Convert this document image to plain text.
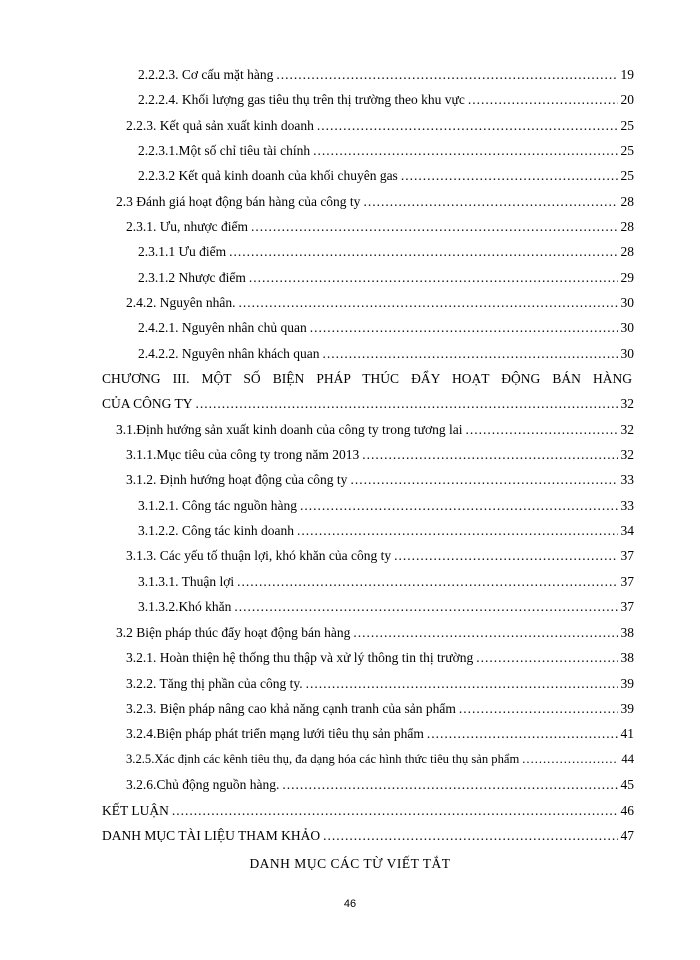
2.2.2.3. Cơ cấu mặt hàng .....	19
2.2.2.4. Khối lượng gas tiêu thụ trên thị trường theo khu vực .....	20
2.2.3. Kết quả sản xuất kinh doanh .....	25
2.2.3.1.Một số chỉ tiêu tài chính .....	25
2.2.3.2 Kết quả kinh doanh của khối chuyên gas .....	25
2.3 Đánh giá hoạt động bán hàng của công ty .....	28
2.3.1. Ưu, nhược điểm .....	28
2.3.1.1 Ưu điểm .....	28
2.3.1.2 Nhược điểm .....	29
2.4.2. Nguyên nhân. .....	30
2.4.2.1. Nguyên nhân chủ quan .....	30
2.4.2.2. Nguyên nhân khách quan .....	30
CHƯƠNG III. MỘT SỐ BIỆN PHÁP THÚC ĐẨY HOẠT ĐỘNG BÁN HÀNG
CỦA CÔNG TY .....	32
3.1.Định hướng sản xuất kinh doanh của công ty trong tương lai .....	32
3.1.1.Mục tiêu của công ty trong năm 2013 .....	32
3.1.2. Định hướng hoạt động của công ty .....	33
3.1.2.1. Công tác nguồn hàng .....	33
3.1.2.2. Công tác kinh doanh .....	34
3.1.3. Các yếu tố thuận lợi, khó khăn của công ty .....	37
3.1.3.1. Thuận lợi .....	37
3.1.3.2.Khó khăn .....	37
3.2 Biện pháp thúc đẩy hoạt động bán hàng .....	38
3.2.1. Hoàn thiện hệ thống thu thập và xử lý thông tin thị trường .....	38
3.2.2. Tăng thị phần của công ty. .....	39
3.2.3. Biện pháp nâng cao khả năng cạnh tranh của sản phẩm .....	39
3.2.4.Biện pháp phát triển mạng lưới tiêu thụ sản phẩm .....	41
3.2.5.Xác định các kênh tiêu thụ, đa dạng hóa các hình thức tiêu thụ sản phẩm .....	44
3.2.6.Chủ động nguồn hàng. .....	45
KẾT LUẬN .....	46
DANH MỤC TÀI LIỆU THAM KHẢO .....	47
DANH MỤC CÁC TỪ VIẾT TẮT
46
